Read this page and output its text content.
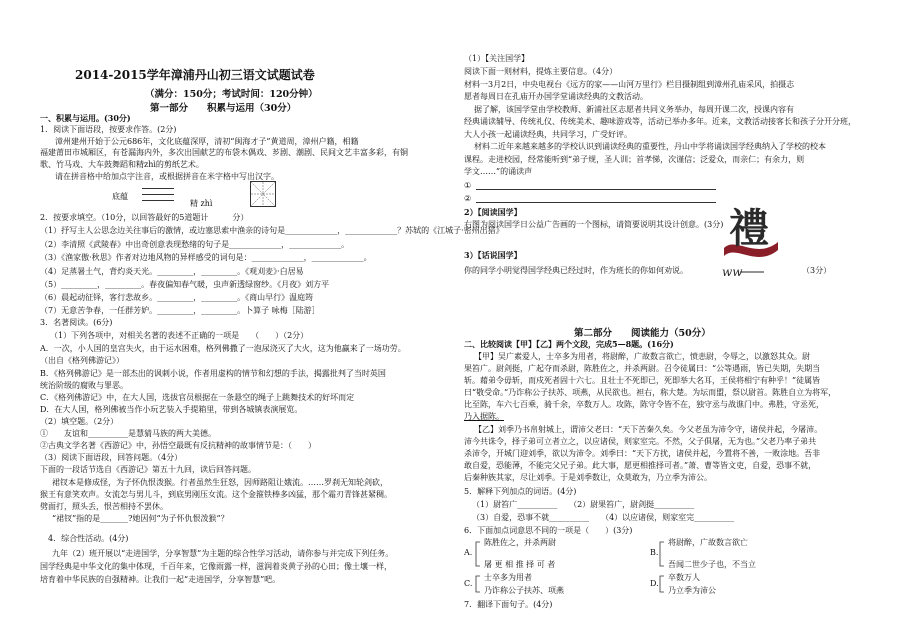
2014-2015学年漳浦丹山初三语文试题试卷
（满分：150分；考试时间：120分钟）
第一部分　　积累与运用（30分）
一、积累与运用。(30分)
1．阅读下面语段，按要求作答。(2分)
漳州建州开始于公元686年，文化底蕴深厚，清初“闽海才子”黄道周，漳州户籍，相籍
福建莆田市城厢区，有苍漏海内外，多次出国献艺的布袋木偶戏、芗剧、潮剧、民间文艺丰富多彩，有铜
歌、竹马戏、大车鼓舞蹈和精zhì的剪纸艺术。
请在拼音格中给加点字注音，或根据拼音在米字格中写出汉字。
底蕴
精 zhì
2．按要求填空。（10分，以回答最好的5道题计　　　分）
（1）抒写主人公思念边关往事后的激情，或边塞思索中渔亲的诗句是_____________，_____________？苏轼的《江城子·密州出猎》
（2）李清照《武陵春》中出奇创意表现愁绪的句子是_____________，_____________。
（3）《渔家傲·秋思》作者对边地风物的异样感受的词句是：_____________，_____________。
（4）足蒸暑土气，背灼炎天光。_________，_________。《观刈麦》·白居易
（5）_________，_________。春夜偏知春气暖，虫声新透绿窗纱。《月夜》刘方平
（6）晨起动征铎，客行悲故乡。_________，_________。《商山早行》温庭筠
（7）无意苦争春，一任群芳妒。_________，_________。卜算子 咏梅［陆游］
3．名著阅读。(6分)
（1）下列各项中，对相关名著的表述不正确的一项是　　（　　）（2分）
A．一次，小人国的皇宫失火，由于运水困难，格列佛撒了一泡尿浇灭了大火，这为他赢来了一场功劳。
（出自《格列佛游记》）
B．《格列佛游记》是一部杰出的讽刺小说，作者用虚构的情节和幻想的手法，揭露批判了当时英国
统治阶级的腐败与罪恶。
C．《格列佛游记》中，在大人国，选拔官员根据在一条悬空的绳子上跳舞技术的好坏而定
D．在大人国，格列佛被当作小玩艺装入手提箱里，带到各城镇表演展览。
（2）填空题。（2分）
①　　友谊和__________是慧猜马族的两大美德。
②古典文学名著《西游记》中，孙悟空最既有反抗精神的故事情节是：（　　）
（3）阅读下面语段，回答问题。（4分）
下面的一段话节选自《西游记》第五十九回，读后回答问题。
裙钗本是修成怪，为子怀仇恨泼猴。行者虽然生狂怒，因师路阻让娥流。……罗刹无知轮剑砍，
猴王有意笑欢声。女流怎与男儿斗，到底男刚压女流。这个金箍铁棒多凶猛，那个霜刃青锋甚紧稠。
劈面打，照头丢，恨苦相持不罢休。
“裙钗”指的是_______?她因何“为子怀仇恨泼猴”？
4．综合性活动。(4分)
九年（2）班开展以“走进国学，分享智慧”为主题的综合性学习活动，请你参与并完成下列任务。
国学经典是中华文化的集中体现，千百年来，它像雨露一样，滋润着炎黄子孙的心田；像土壤一样，
培育着中华民族的自强精神。让我们一起“走进国学，分享智慧”吧。
（1）【关注国学】
阅读下面一则材料，提炼主要信息。（4分）
材料一3月2日，中央电视台《远方的家——山河万里行》栏目摄制组到漳州孔庙采风，拍摄志
愿者每周日在孔庙开办国学堂诵读经典的文教活动。
据了解，该国学堂由学校教师、新浦社区志愿者共同义务举办，每周开课二次，授课内容有
经典诵读辅导、传统礼仪、传统美术、趣味游戏等，活动已举办多年。近来，文教活动接客长和孩子分开分班，
大人小孩一起诵读经典，共同学习，广受好评。
材料二近年来越来越多的学校认识到诵读经典的重要性，丹山中学将诵读国学经典纳入了学校的校本
课程。走进校园，经常能听到“弟子规，圣人训；首孝悌，次谨信；泛爱众，而亲仁；有余力，则
学文……”的诵读声
①
②
2）【阅读国学】
右图为阅读国学日公益广告画的一个图标，请简要说明其设计创意。(3分)
3）【话说国学】
你的同学小明觉得国学经典已经过时，作为班长的你如何劝说。	（3分）
第二部分　　阅读能力（50分）
二、比较阅读【甲】【乙】两个文段，完成5—8题。(16分)
【甲】吴广素爱人，士卒多为用者，将尉醉，广故数言欲亡，愤恚尉，令辱之，以激怒其众。尉
果笞广。尉剑挺，广起夺而杀尉，陈胜佐之，并杀两尉。召令徒属曰：“公等遇雨，皆已失期，失期当
斩。藉弟令毋斩，而戍死者固十六七。且壮士不死即已，死即举大名耳，王侯将相宁有种乎！”徒属皆
曰“敬受命。”乃诈称公子扶苏、项燕，从民欲也。袒右，称大楚。为坛而盟，祭以尉首。陈胜自立为将军，
比至陈，车六七百乘，骑千余，卒数万人。攻陈，陈守令皆不在，独守丞与战谯门中。弗胜，守丞死，
乃入据陈。
【乙】刘季乃书帛射城上，谓沛父老曰：“天下苦秦久矣。今父老虽为沛令守，诸侯并起，今屠沛。
沛今共诛令，择子弟可立者立之，以应诸侯，则家室完。不然，父子俱屠，无为也。”父老乃率子弟共
杀沛令，开城门迎刘季，欲以为沛令。刘季曰：“天下方扰，诸侯并起，今置将不善，一败涂地。吾非
敢自爱，恐能薄，不能完父兄子弟。此大事，愿更相推择可者。”萧、曹等皆文吏，自爱，恐事不就，
后秦种族其家，尽让刘季。于是刘季数让，众莫敢为，乃立季为沛公。
5．解释下列加点的词语。(4分)
（1）尉笞广__________　　（2）尉果笞广，尉剑挺__________
（3）自爱，恐事不就__________　　（4）以应诸侯，则家室完__________
6．下面加点词意思不同的一项是（　　）(3分)
A.
陈胜佐之，并杀两尉
屠 更 相 推 择 可 者
C.
士卒多为用者
乃诈称公子扶苏、项燕
B.
将尉醉，广故数言欲亡
吾闻二世少子也，不当立
D.
卒数万人
乃立季为沛公
7．翻译下面句子。(4分)
禮
ww
